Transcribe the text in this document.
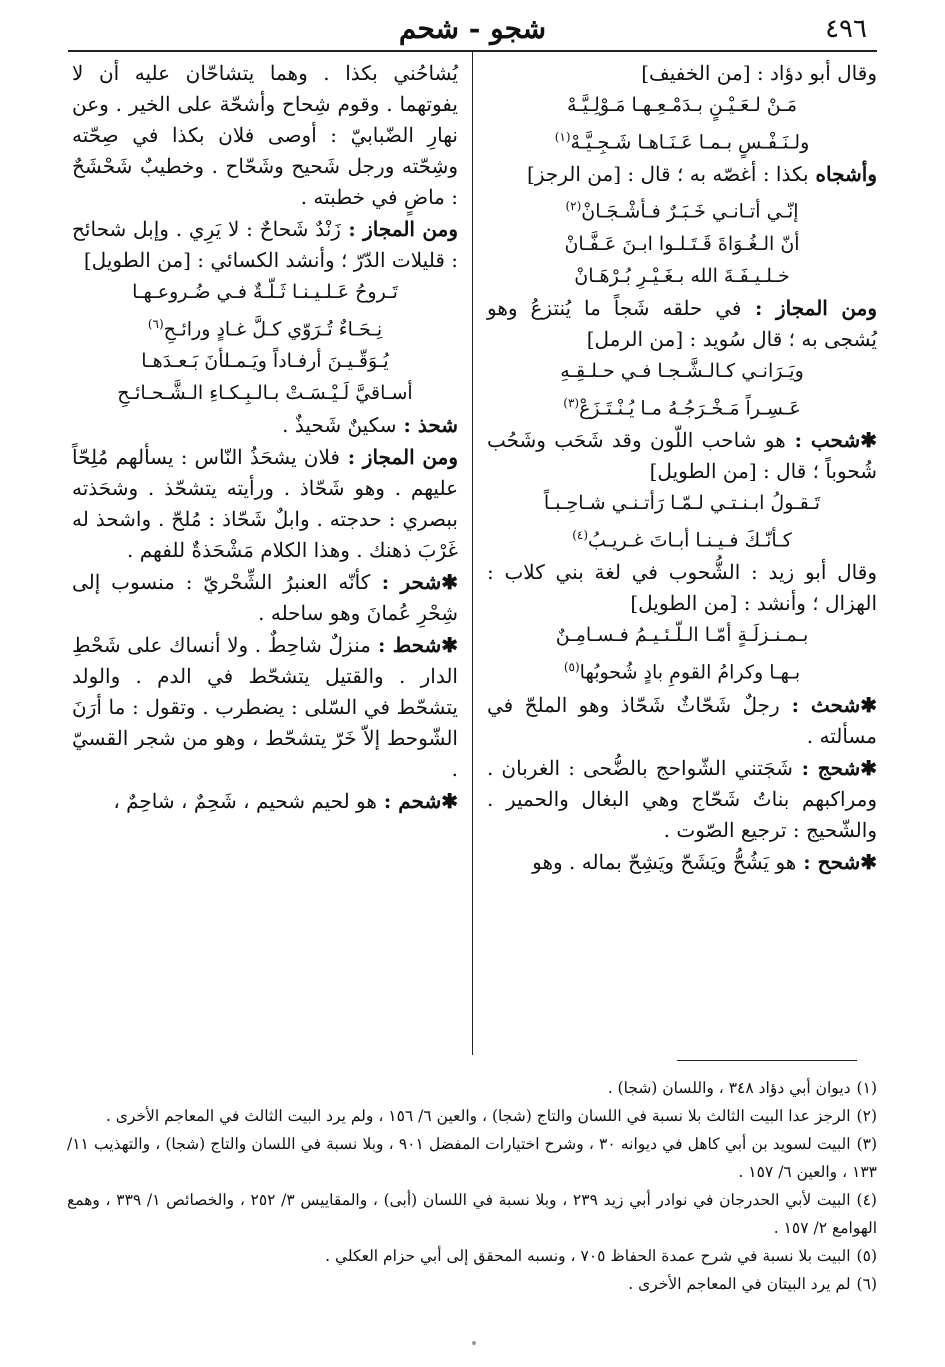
٤٩٦
شجو - شحم

وقال أبو دؤاد : [من الخفيف]

مَـنْ لـعَـيْـنٍ بـدَمْـعِـهـا مَـوْلِـيَّـهْ
ولـنَـفْـسٍ بـمـا عَـنَـاهـا شَـجِـيَّـهْ$^{(١)}$

وأشجاه بكذا : أغصّه به ؛ قال : [من الرجز]

إنّـي أتـانـي خَـبَـرٌ فـأشْـجَـانْ$^{(٢)}$
أنّ الـغُـوَاةَ قَـتَـلـوا ابـنَ عَـفَّـانْ
خـلـيـفَـةَ الله بـغَـيْـرِ بُـرْهَـانْ

ومن المجاز : في حلقه شَجاً ما يُنتزعُ وهو يُشجى به ؛ قال سُويد : [من الرمل]

ويَـرَانـي كـالـشَّـجـا فـي حـلـقِـهِ
عَـسِـراً مَـخْـرَجُـهُ مـا يُـنْـتَـزَعْ$^{(٣)}$

✱ شحب : هو شاحب اللّون وقد شَحَب وشَحُب شُحوباً ؛ قال : [من الطويل]

تَـقـولُ ابـنـتـي لـمّـا رَأتـنـي شـاحِـبـاً
كـأنّـكَ فـيـنـا أبـاتَ غـريـبُ$^{(٤)}$

وقال أبو زيد : الشُّحوب في لغة بني كلاب : الهزال ؛ وأنشد : [من الطويل]

بـمـنـزلَـةٍ أمّـا الـلّـئـيـمُ فـسـامِـنٌ
بـهـا وكرامُ القومِ بادٍ شُحوبُها$^{(٥)}$

✱ شحث : رجلٌ شَحّاثٌ شَحّاذ وهو الملحّ في مسألته .

✱ شحج : شَجَتني الشّواحج بالضُّحى : الغربان . ومراكبهم بناتُ شَحّاج وهي البغال والحمير . والشّحيج : ترجيع الصّوت .

✱ شحح : هو يَشُحُّ ويَشَحّ ويَشِحّ بماله . وهو

يُشاحُني بكذا . وهما يتشاحّان عليه أن لا يفوتهما . وقوم شِحاح وأشحّة على الخير . وعن نهارِ الضّبابيّ : أوصى فلان بكذا في صِحّته وشِحّته ورجل شَحيح وشَحّاح . وخطيبٌ شَحْشَحٌ : ماضٍ في خطبته .

ومن المجاز : زَنْدٌ شَحاحٌ : لا يَرِي . وإبل شحائح : قليلات الدّرّ ؛ وأنشد الكسائي : [من الطويل]

تَـروحُ عَـلـيـنـا ثَـلّـةٌ فـي ضُـروعـهـا
نِـحَـاءٌ تُـرَوّي كـلَّ غـادٍ ورائـحِ$^{(٦)}$
يُـوَقّـيـنَ أرفـاداً ويَـمـلأنَ بَـعـدَهـا
أسـاقيَّ لَـيْـسَـتْ بـالـبِـكـاءِ الـشَّـحـائـحِ

شحذ : سكينٌ شَحيذٌ .

ومن المجاز : فلان يشحَذُ النّاس : يسألهم مُلِحّاً عليهم . وهو شَحّاذ . ورأيته يتشحّذ . وشحَذته ببصري : حدجته . وابلٌ شَحّاذ : مُلحّ . واشحذ له غَرْبَ ذهنك . وهذا الكلام مَشْحَذةٌ للفهم .

✱ شحر : كأنّه العنبرُ الشِّحْريّ : منسوب إلى شِحْرِ عُمانَ وهو ساحله .

✱ شحط : منزلٌ شاحِطٌ . ولا أنساك على شَحْطِ الدار . والقتيل يتشحّط في الدم . والولد يتشحّط في السّلى : يضطرب . وتقول : ما أرَنَ الشّوحط إلاّ خَرّ يتشحّط ، وهو من شجر القسيّ .

✱ شحم : هو لحيم شحيم ، شَحِمٌ ، شاحِمٌ ،

(١)ديوان أبي دؤاد ٣٤٨ ، واللسان (شجا) .

(٢)الرجز عدا البيت الثالث بلا نسبة في اللسان والتاج (شجا) ، والعين ٦/ ١٥٦ ، ولم يرد البيت الثالث في المعاجم الأخرى .

(٣)البيت لسويد بن أبي كاهل في ديوانه ٣٠ ، وشرح اختيارات المفضل ٩٠١ ، وبلا نسبة في اللسان والتاج (شجا) ، والتهذيب ١١/ ١٣٣ ، والعين ٦/ ١٥٧ .

(٤)البيت لأبي الحدرجان في نوادر أبي زيد ٢٣٩ ، وبلا نسبة في اللسان (أبى) ، والمقاييس ٣/ ٢٥٢ ، والخصائص ١/ ٣٣٩ ، وهمع الهوامع ٢/ ١٥٧ .

(٥)البيت بلا نسبة في شرح عمدة الحفاظ ٧٠٥ ، ونسبه المحقق إلى أبي حزام العكلي .

(٦)لم يرد البيتان في المعاجم الأخرى .
